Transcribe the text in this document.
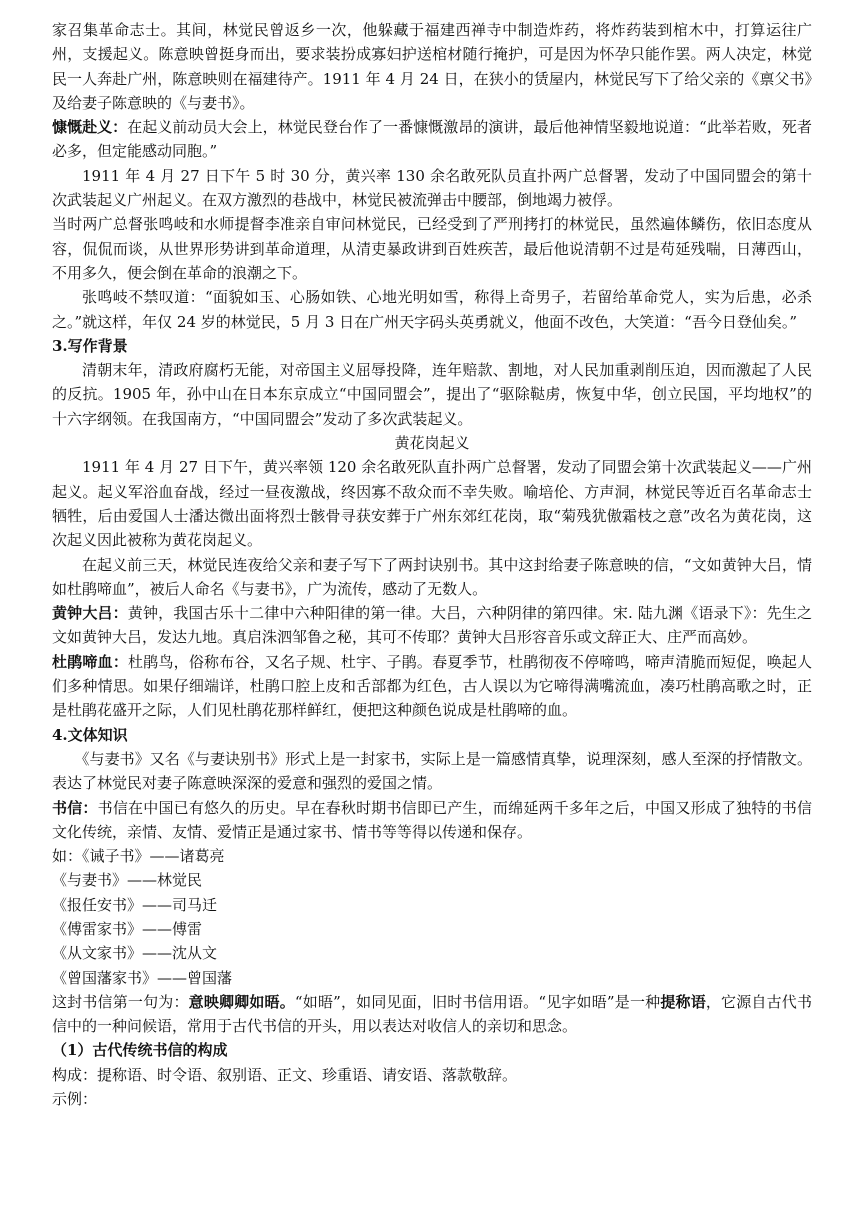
家召集革命志士。其间，林觉民曾返乡一次，他躲藏于福建西禅寺中制造炸药，将炸药装到棺木中，打算运往广州，支援起义。陈意映曾挺身而出，要求装扮成寡妇护送棺材随行掩护，可是因为怀孕只能作罢。两人决定，林觉民一人奔赴广州，陈意映则在福建待产。1911 年 4 月 24 日，在狭小的赁屋内，林觉民写下了给父亲的《禀父书》及给妻子陈意映的《与妻书》。

慷慨赴义：在起义前动员大会上，林觉民登台作了一番慷慨激昂的演讲，最后他神情坚毅地说道：“此举若败，死者必多，但定能感动同胞。”

1911 年 4 月 27 日下午 5 时 30 分，黄兴率 130 余名敢死队员直扑两广总督署，发动了中国同盟会的第十次武装起义广州起义。在双方激烈的巷战中，林觉民被流弹击中腰部，倒地竭力被俘。

当时两广总督张鸣岐和水师提督李准亲自审问林觉民，已经受到了严刑拷打的林觉民，虽然遍体鳞伤，依旧态度从容，侃侃而谈，从世界形势讲到革命道理，从清吏暴政讲到百姓疾苦，最后他说清朝不过是苟延残喘，日薄西山，不用多久，便会倒在革命的浪潮之下。

张鸣岐不禁叹道：“面貌如玉、心肠如铁、心地光明如雪，称得上奇男子，若留给革命党人，实为后患，必杀之。”就这样，年仅 24 岁的林觉民，5 月 3 日在广州天字码头英勇就义，他面不改色，大笑道：“吾今日登仙矣。”

3.写作背景

清朝末年，清政府腐朽无能，对帝国主义屈辱投降，连年赔款、割地，对人民加重剥削压迫，因而激起了人民的反抗。1905 年，孙中山在日本东京成立“中国同盟会”，提出了“驱除鞑虏，恢复中华，创立民国，平均地权”的十六字纲领。在我国南方，“中国同盟会”发动了多次武装起义。

黄花岗起义

1911 年 4 月 27 日下午，黄兴率领 120 余名敢死队直扑两广总督署，发动了同盟会第十次武装起义——广州起义。起义军浴血奋战，经过一昼夜激战，终因寡不敌众而不幸失败。喻培伦、方声洞，林觉民等近百名革命志士牺牲，后由爱国人士潘达微出面将烈士骸骨寻获安葬于广州东郊红花岗，取“菊残犹傲霜枝之意”改名为黄花岗，这次起义因此被称为黄花岗起义。

在起义前三天，林觉民连夜给父亲和妻子写下了两封诀别书。其中这封给妻子陈意映的信，“文如黄钟大吕，情如杜鹃啼血”，被后人命名《与妻书》，广为流传，感动了无数人。

黄钟大吕：黄钟，我国古乐十二律中六种阳律的第一律。大吕，六种阴律的第四律。宋. 陆九渊《语录下》：先生之文如黄钟大吕，发达九地。真启洙泗邹鲁之秘，其可不传耶？黄钟大吕形容音乐或文辞正大、庄严而高妙。

杜鹃啼血：杜鹃鸟，俗称布谷，又名子规、杜宇、子鹃。春夏季节，杜鹃彻夜不停啼鸣，啼声清脆而短促，唤起人们多种情思。如果仔细端详，杜鹃口腔上皮和舌部都为红色，古人误以为它啼得满嘴流血，凑巧杜鹃高歌之时，正是杜鹃花盛开之际，人们见杜鹃花那样鲜红，便把这种颜色说成是杜鹃啼的血。

4.文体知识

《与妻书》又名《与妻诀别书》形式上是一封家书，实际上是一篇感情真挚，说理深刻，感人至深的抒情散文。表达了林觉民对妻子陈意映深深的爱意和强烈的爱国之情。

书信：书信在中国已有悠久的历史。早在春秋时期书信即已产生，而绵延两千多年之后，中国又形成了独特的书信文化传统，亲情、友情、爱情正是通过家书、情书等等得以传递和保存。

如：《诫子书》——诸葛亮

《与妻书》——林觉民

《报任安书》——司马迁

《傅雷家书》——傅雷

《从文家书》——沈从文

《曾国藩家书》——曾国藩

这封书信第一句为：意映卿卿如晤。“如晤”，如同见面，旧时书信用语。“见字如晤”是一种提称语，它源自古代书信中的一种问候语，常用于古代书信的开头，用以表达对收信人的亲切和思念。

（1）古代传统书信的构成

构成：提称语、时令语、叙别语、正文、珍重语、请安语、落款敬辞。

示例：
